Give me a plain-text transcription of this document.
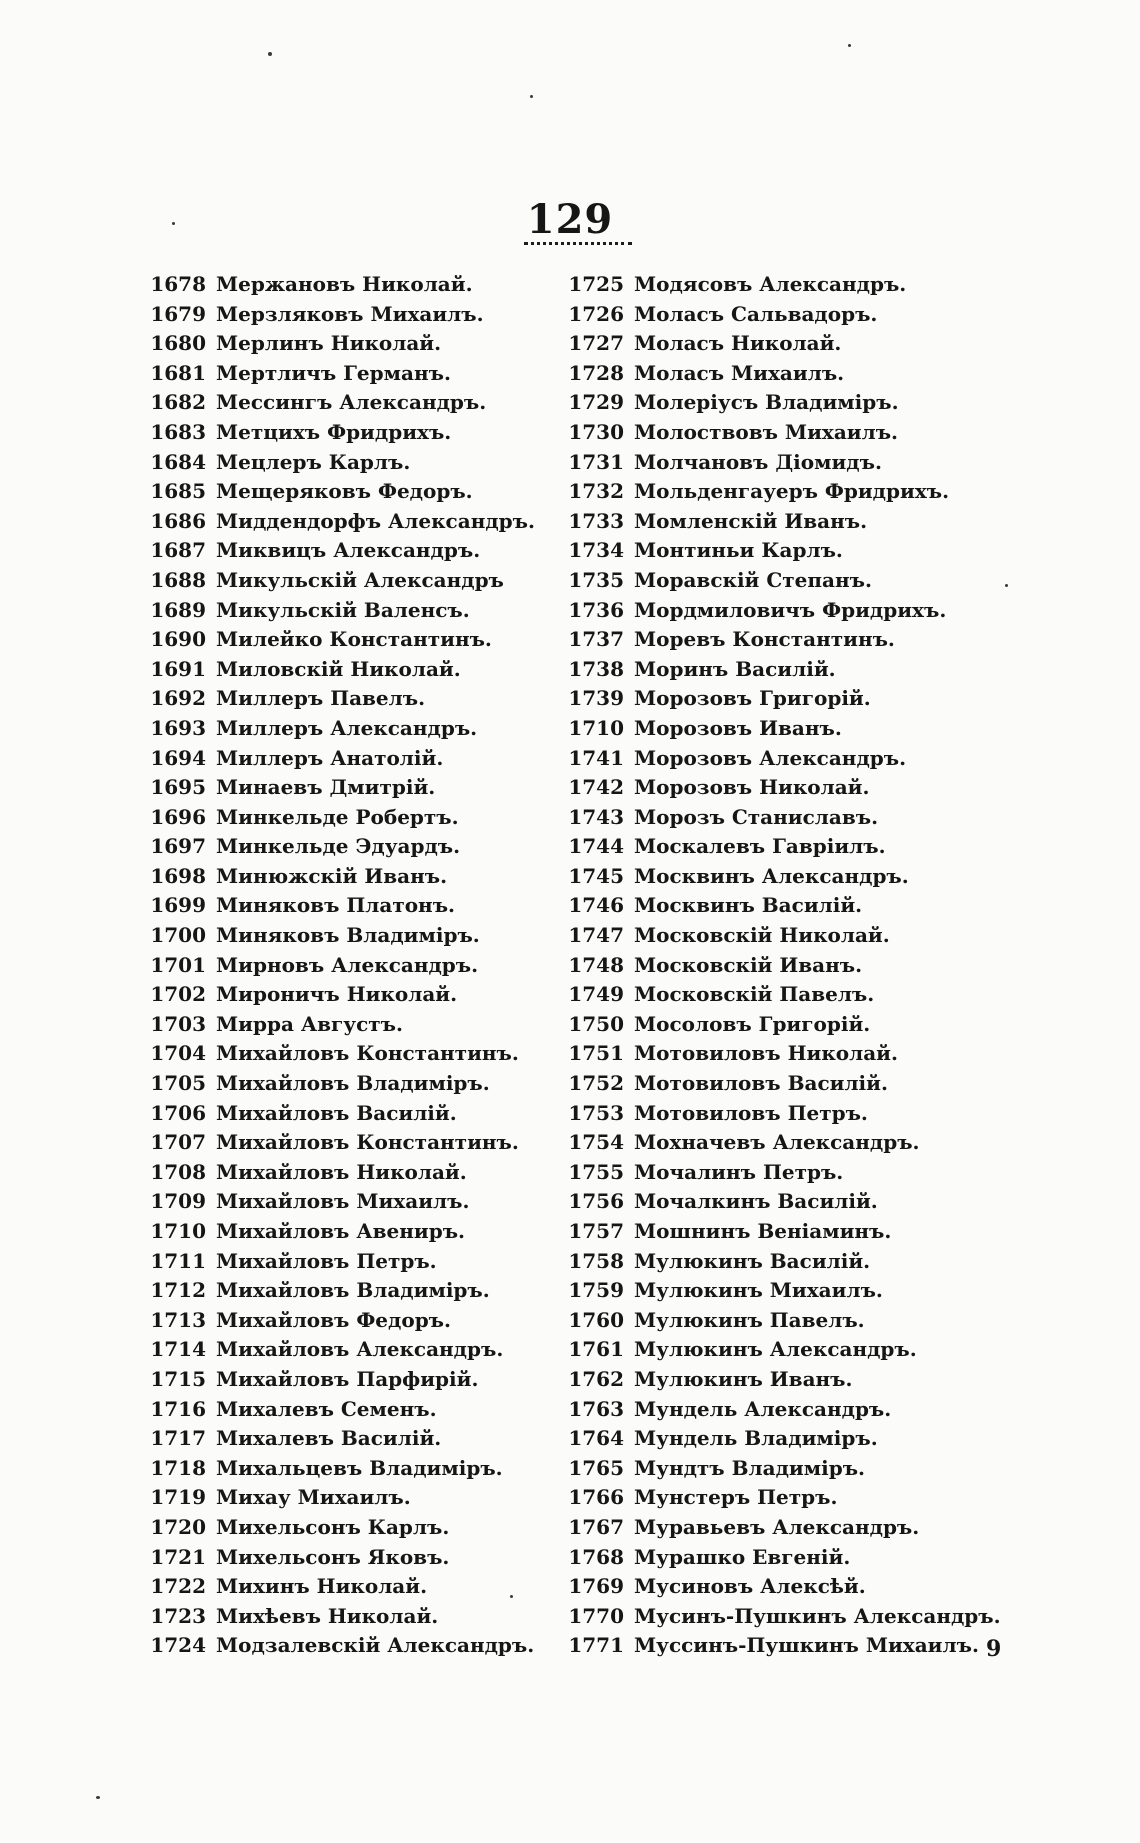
129
1678 Мержановъ Николай.
1679 Мерзляковъ Михаилъ.
1680 Мерлинъ Николай.
1681 Мертличъ Германъ.
1682 Мессингъ Александръ.
1683 Метцихъ Фридрихъ.
1684 Мецлеръ Карлъ.
1685 Мещеряковъ Федоръ.
1686 Миддендорфъ Александръ.
1687 Миквицъ Александръ.
1688 Микульскiй Александръ
1689 Микульскiй Валенсъ.
1690 Милейко Константинъ.
1691 Миловскiй Николай.
1692 Миллеръ Павелъ.
1693 Миллеръ Александръ.
1694 Миллеръ Анатолiй.
1695 Минаевъ Дмитрiй.
1696 Минкельде Робертъ.
1697 Минкельде Эдуардъ.
1698 Минюжскiй Иванъ.
1699 Миняковъ Платонъ.
1700 Миняковъ Владимiръ.
1701 Мирновъ Александръ.
1702 Мироничъ Николай.
1703 Мирра Августъ.
1704 Михайловъ Константинъ.
1705 Михайловъ Владимiръ.
1706 Михайловъ Василiй.
1707 Михайловъ Константинъ.
1708 Михайловъ Николай.
1709 Михайловъ Михаилъ.
1710 Михайловъ Авениръ.
1711 Михайловъ Петръ.
1712 Михайловъ Владимiръ.
1713 Михайловъ Федоръ.
1714 Михайловъ Александръ.
1715 Михайловъ Парфирiй.
1716 Михалевъ Семенъ.
1717 Михалевъ Василiй.
1718 Михальцевъ Владимiръ.
1719 Михау Михаилъ.
1720 Михельсонъ Карлъ.
1721 Михельсонъ Яковъ.
1722 Михинъ Николай.
1723 Михѣевъ Николай.
1724 Модзалевскiй Александръ.
1725 Модясовъ Александръ.
1726 Моласъ Сальвадоръ.
1727 Моласъ Николай.
1728 Моласъ Михаилъ.
1729 Молерiусъ Владимiръ.
1730 Молоствовъ Михаилъ.
1731 Молчановъ Дiомидъ.
1732 Мольденгауеръ Фридрихъ.
1733 Момленскiй Иванъ.
1734 Монтиньи Карлъ.
1735 Моравскiй Степанъ.
1736 Мордмиловичъ Фридрихъ.
1737 Моревъ Константинъ.
1738 Моринъ Василiй.
1739 Морозовъ Григорiй.
1710 Морозовъ Иванъ.
1741 Морозовъ Александръ.
1742 Морозовъ Николай.
1743 Морозъ Станиславъ.
1744 Москалевъ Гаврiилъ.
1745 Москвинъ Александръ.
1746 Москвинъ Василiй.
1747 Московскiй Николай.
1748 Московскiй Иванъ.
1749 Московскiй Павелъ.
1750 Мосоловъ Григорiй.
1751 Мотовиловъ Николай.
1752 Мотовиловъ Василiй.
1753 Мотовиловъ Петръ.
1754 Мохначевъ Александръ.
1755 Мочалинъ Петръ.
1756 Мочалкинъ Василiй.
1757 Мошнинъ Венiаминъ.
1758 Мулюкинъ Василiй.
1759 Мулюкинъ Михаилъ.
1760 Мулюкинъ Павелъ.
1761 Мулюкинъ Александръ.
1762 Мулюкинъ Иванъ.
1763 Мундель Александръ.
1764 Мундель Владимiръ.
1765 Мундтъ Владимiръ.
1766 Мунстеръ Петръ.
1767 Муравьевъ Александръ.
1768 Мурашко Евгенiй.
1769 Мусиновъ Алексѣй.
1770 Мусинъ-Пушкинъ Александръ.
1771 Муссинъ-Пушкинъ Михаилъ. 9
